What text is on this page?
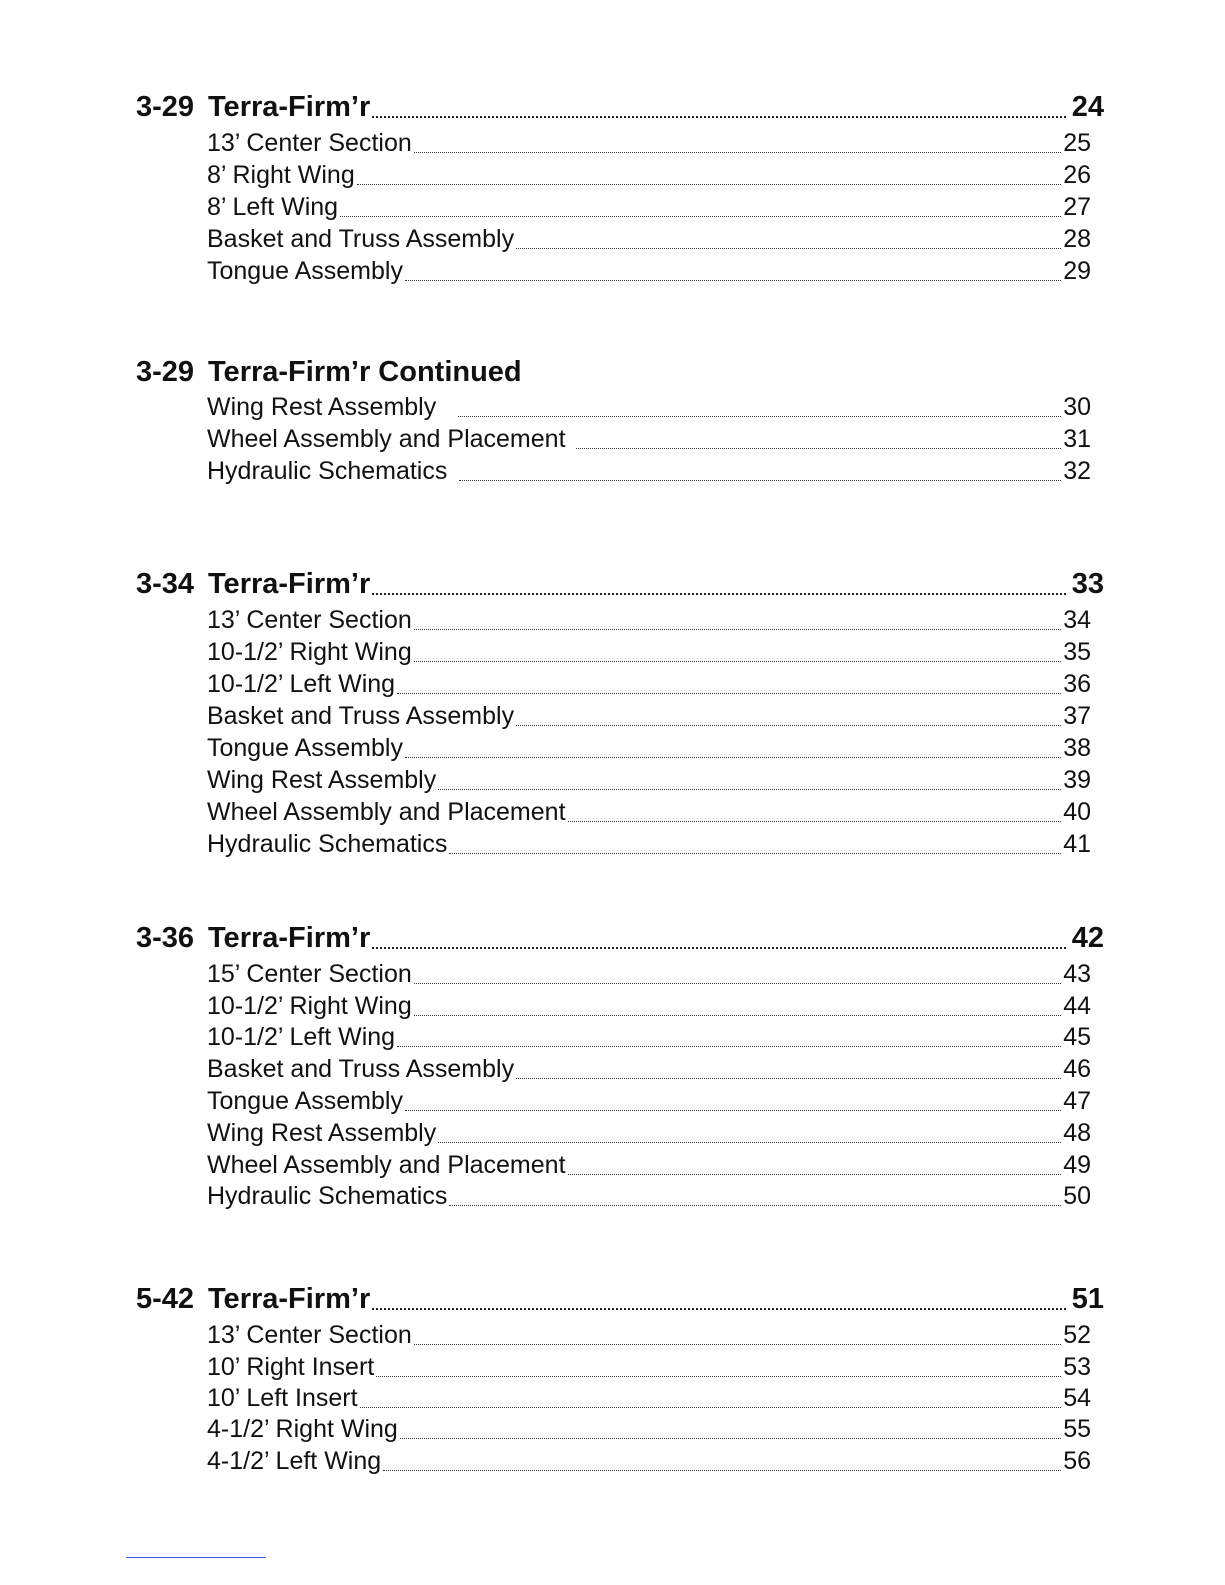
3-29 Terra-Firm’r	24
13’ Center Section	25
8’ Right Wing	26
8’ Left Wing	27
Basket and Truss Assembly	28
Tongue Assembly	29
3-29 Terra-Firm’r Continued
Wing Rest Assembly	30
Wheel Assembly and Placement	31
Hydraulic Schematics	32
3-34 Terra-Firm’r	33
13’ Center Section	34
10-1/2’ Right Wing	35
10-1/2’ Left Wing	36
Basket and Truss Assembly	37
Tongue Assembly	38
Wing Rest Assembly	39
Wheel Assembly and Placement	40
Hydraulic Schematics	41
3-36 Terra-Firm’r	42
15’ Center Section	43
10-1/2’ Right Wing	44
10-1/2’ Left Wing	45
Basket and Truss Assembly	46
Tongue Assembly	47
Wing Rest Assembly	48
Wheel Assembly and Placement	49
Hydraulic Schematics	50
5-42 Terra-Firm’r	51
13’ Center Section	52
10’ Right Insert	53
10’ Left Insert	54
4-1/2’ Right Wing	55
4-1/2’ Left Wing	56
